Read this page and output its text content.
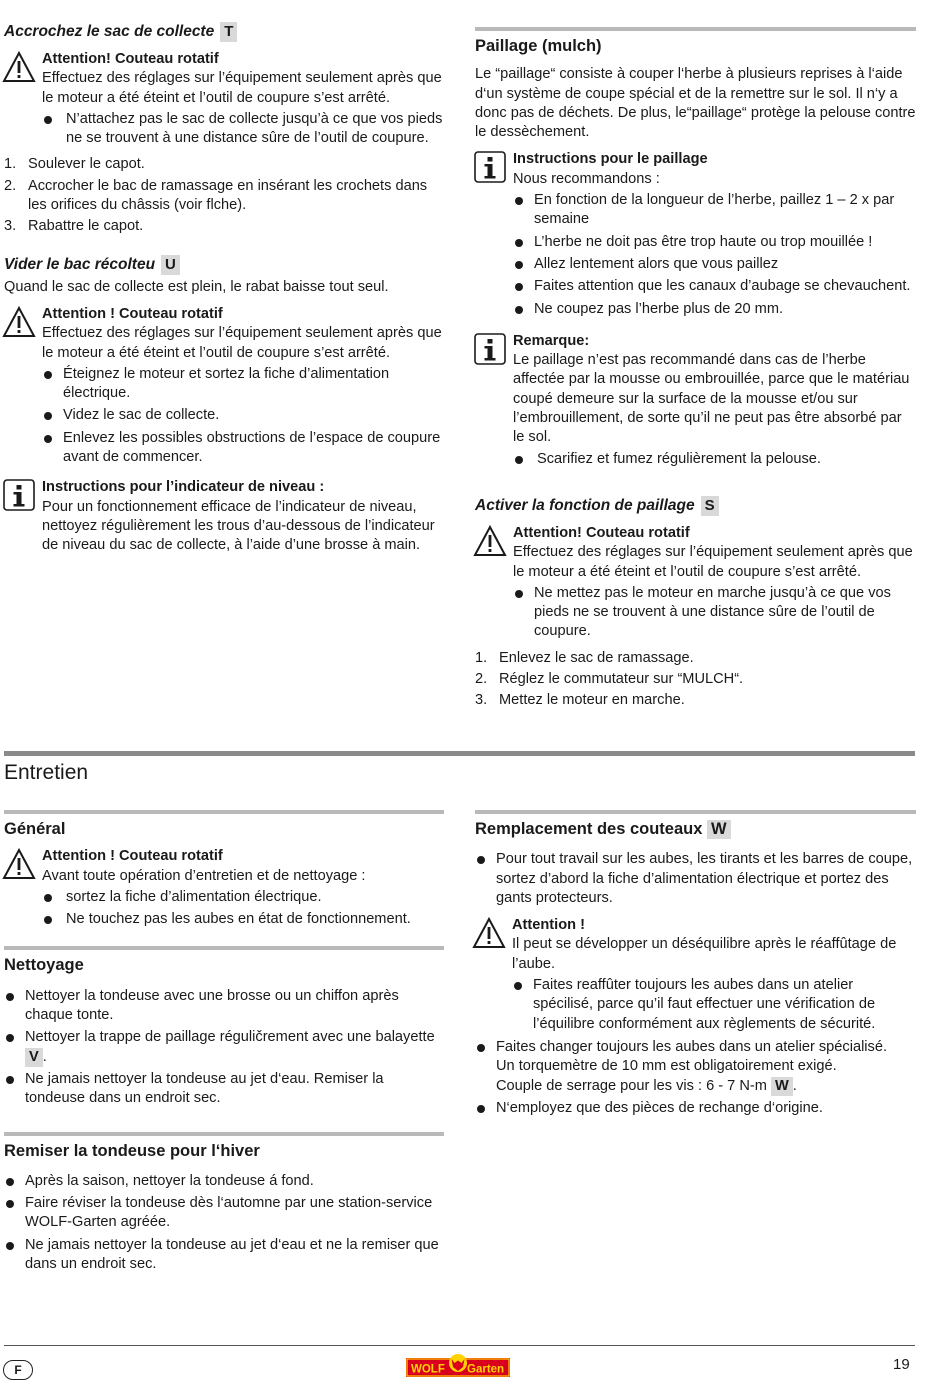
Accrochez le sac de collecte T

Attention! Couteau rotatif

Effectuez des réglages sur l’équipement seulement après que le moteur a été éteint et l’outil de coupure s’est arrêté.

N’attachez pas le sac de collecte jusqu’à ce que vos pieds ne se trouvent à une distance sûre de l’outil de coupure.
1. Soulever le capot.
2. Accrocher le bac de ramassage en insérant les crochets dans les orifices du châssis (voir flche).
3. Rabattre le capot.
Vider le bac récolteu U

Quand le sac de collecte est plein, le rabat baisse tout seul.

Attention ! Couteau rotatif

Effectuez des réglages sur l’équipement seulement après que le moteur a été éteint et l’outil de coupure s’est arrêté.

Éteignez le moteur et sortez la fiche d’alimentation électrique.
Videz le sac de collecte.
Enlevez les possibles obstructions de l’espace de coupure avant de commencer.

Instructions pour l’indicateur de niveau :

Pour un fonctionnement efficace de l’indicateur de niveau, nettoyez régulièrement les trous d’au-dessous de l’indicateur de niveau du sac de collecte, à l’aide d’une brosse à main.

Paillage (mulch)

Le “paillage“ consiste à couper l‘herbe à plusieurs reprises à l‘aide d‘un système de coupe spécial et de la remettre sur le sol. Il n‘y a donc pas de déchets. De plus, le“paillage“ protège la pelouse contre le dessèchement.

Instructions pour le paillage

Nous recommandons :

En fonction de la longueur de l’herbe, paillez 1 – 2 x par semaine
L’herbe ne doit pas être trop haute ou trop mouillée !
Allez lentement alors que vous paillez
Faites attention que les canaux d’aubage se chevauchent.
Ne coupez pas l’herbe plus de 20 mm.

Remarque:

Le paillage n’est pas recommandé dans cas de l’herbe affectée par la mousse ou embrouillée, parce que le matériau coupé demeure sur la surface de la mousse et/ou sur l’embrouillement, de sorte qu’il ne peut pas être absorbé par le sol.

Scarifiez et fumez régulièrement la pelouse.
Activer la fonction de paillage S

Attention! Couteau rotatif

Effectuez des réglages sur l’équipement seulement après que le moteur a été éteint et l’outil de coupure s’est arrêté.

Ne mettez pas le moteur en marche jusqu’à ce que vos pieds ne se trouvent à une distance sûre de l’outil de coupure.
1. Enlevez le sac de ramassage.
2. Réglez le commutateur sur “MULCH“.
3. Mettez le moteur en marche.
Entretien
Général

Attention ! Couteau rotatif

Avant toute opération d’entretien et de nettoyage :

sortez la fiche d’alimentation électrique.
Ne touchez pas les aubes en état de fonctionnement.
Nettoyage
Nettoyer la tondeuse avec une brosse ou un chiffon après chaque tonte.
Nettoyer la trappe de paillage réguličrement avec une balayette V .
Ne jamais nettoyer la tondeuse au jet d‘eau. Remiser la tondeuse dans un endroit sec.
Remiser la tondeuse pour l‘hiver
Après la saison, nettoyer la tondeuse á fond.
Faire réviser la tondeuse dès l‘automne par une station-service WOLF-Garten agréée.
Ne jamais nettoyer la tondeuse au jet d‘eau et ne la remiser que dans un endroit sec.
Remplacement des couteaux W
Pour tout travail sur les aubes, les tirants et les barres de coupe, sortez d’abord la fiche d’alimentation électrique et portez des gants protecteurs.

Attention !

Il peut se développer un déséquilibre après le réaffûtage de l’aube.

Faites reaffûter toujours les aubes dans un atelier spécilisé, parce qu’il faut effectuer une vérification de l’équilibre conformément aux règlements de sécurité.
Faites changer toujours les aubes dans un atelier spécialisé.
Un torquemètre de 10 mm est obligatoirement exigé.
Couple de serrage pour les vis : 6 - 7 N-m W .
N‘employez que des pièces de rechange d‘origine.
F	WOLF Garten	19
